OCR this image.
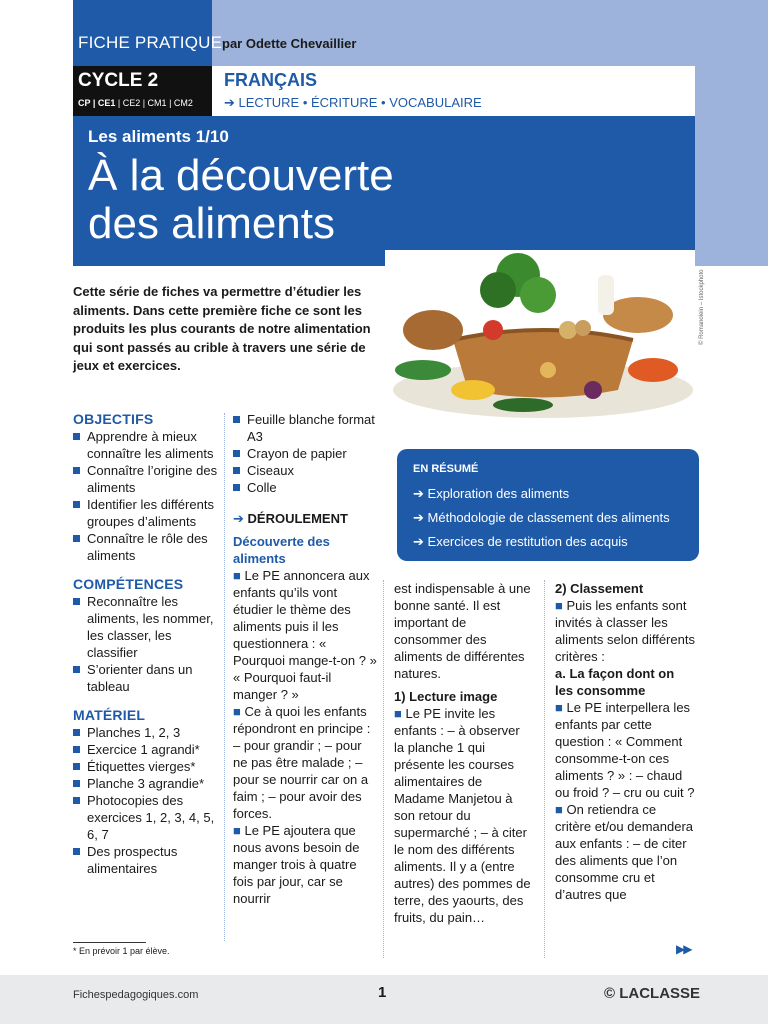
FICHE PRATIQUE par Odette Chevaillier
CYCLE 2
CP | CE1 | CE2 | CM1 | CM2
FRANÇAIS
➔ LECTURE • ÉCRITURE • VOCABULAIRE
Les aliments 1/10
À la découverte
des aliments
Cette série de fiches va permettre d’étudier les aliments. Dans cette première fiche ce sont les produits les plus courants de notre alimentation qui sont passés au crible à travers une série de jeux et exercices.
© Romanolein – Istockphoto
EN RÉSUMÉ
➔ Exploration des aliments
➔ Méthodologie de classement des aliments
➔ Exercices de restitution des acquis
OBJECTIFS
Apprendre à mieux connaître les aliments
Connaître l’origine des aliments
Identifier les différents groupes d’aliments
Connaître le rôle des aliments
COMPÉTENCES
Reconnaître les aliments, les nommer, les classer, les classifier
S’orienter dans un tableau
MATÉRIEL
Planches 1, 2, 3
Exercice 1 agrandi*
Étiquettes vierges*
Planche 3 agrandie*
Photocopies des exercices 1, 2, 3, 4, 5, 6, 7
Des prospectus alimentaires
Feuille blanche format A3
Crayon de papier
Ciseaux
Colle
➔ DÉROULEMENT
Découverte des aliments
■ Le PE annoncera aux enfants qu’ils vont étudier le thème des aliments puis il les questionnera : « Pourquoi mange-t-on ? » « Pourquoi faut-il manger ? »
■ Ce à quoi les enfants répondront en principe : – pour grandir ; – pour ne pas être malade ; – pour se nourrir car on a faim ; – pour avoir des forces.
■ Le PE ajoutera que nous avons besoin de manger trois à quatre fois par jour, car se nourrir
est indispensable à une bonne santé. Il est important de consommer des aliments de différentes natures.
1) Lecture image
■ Le PE invite les enfants : – à observer la planche 1 qui présente les courses alimentaires de Madame Manjetou à son retour du supermarché ; – à citer le nom des différents aliments. Il y a (entre autres) des pommes de terre, des yaourts, des fruits, du pain…
2) Classement
■ Puis les enfants sont invités à classer les aliments selon différents critères :
a. La façon dont on les consomme
■ Le PE interpellera les enfants par cette question : « Comment consomme-t-on ces aliments ? » : – chaud ou froid ? – cru ou cuit ?
■ On retiendra ce critère et/ou demandera aux enfants : – de citer des aliments que l’on consomme cru et d’autres que
▶▶
* En prévoir 1 par élève.
Fichespedagogiques.com	1	© LACLASSE
